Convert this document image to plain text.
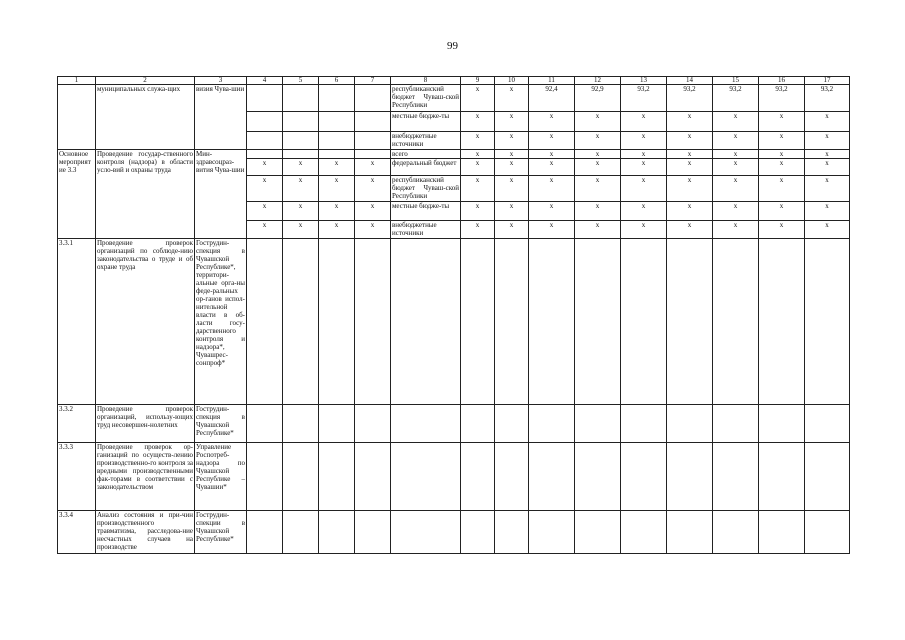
99
1	2	3	4	5	6	7	8	9	10	11	12	13	14	15	16	17
	муниципальных служа-щих	визия Чува-шии					республиканский бюджет Чуваш-ской Республики	x	x	92,4	92,9	93,2	93,2	93,2	93,2	93,2
							местные бюдже-ты	x	x	x	x	x	x	x	x	x
							внебюджетные источники	x	x	x	x	x	x	x	x	x
Основное мероприятие 3.3	Проведение государ-ственного контроля (надзора) в области усло-вий и охраны труда	Мин-здравсоцраз-вития Чува-шии					всего	x	x	x	x	x	x	x	x	x
			x	x	x	x	федеральный бюджет	x	x	x	x	x	x	x	x	x
			x	x	x	x	республиканский бюджет Чуваш-ской Республики	x	x	x	x	x	x	x	x	x
			x	x	x	x	местные бюдже-ты	x	x	x	x	x	x	x	x	x
			x	x	x	x	внебюджетные источники	x	x	x	x	x	x	x	x	x
3.3.1	Проведение проверок организаций по соблюде-нию законодательства о труде и об охране труда	Гострудин-спекция в Чувашской Республике*, территори-альные орга-ны феде-ральных ор-ганов испол-нительной власти в об-ласти госу-дарственного контроля и надзора*, Чувашрес-сонпроф*														
3.3.2	Проведение проверок организаций, использу-ющих труд несовершен-нолетних	Гострудин-спекция в Чувашской Республике*														
3.3.3	Проведение проверок ор-ганизаций по осуществ-лению производственно-го контроля за вредными производственными фак-торами в соответствии с законодательством	Управление Роспотреб-надзора по Чувашской Республике – Чувашии*														
3.3.4	Анализ состояния и при-чин производственного травматизма, расследова-ние несчастных случаев на производстве	Гострудин-спекции в Чувашской Республике*														
